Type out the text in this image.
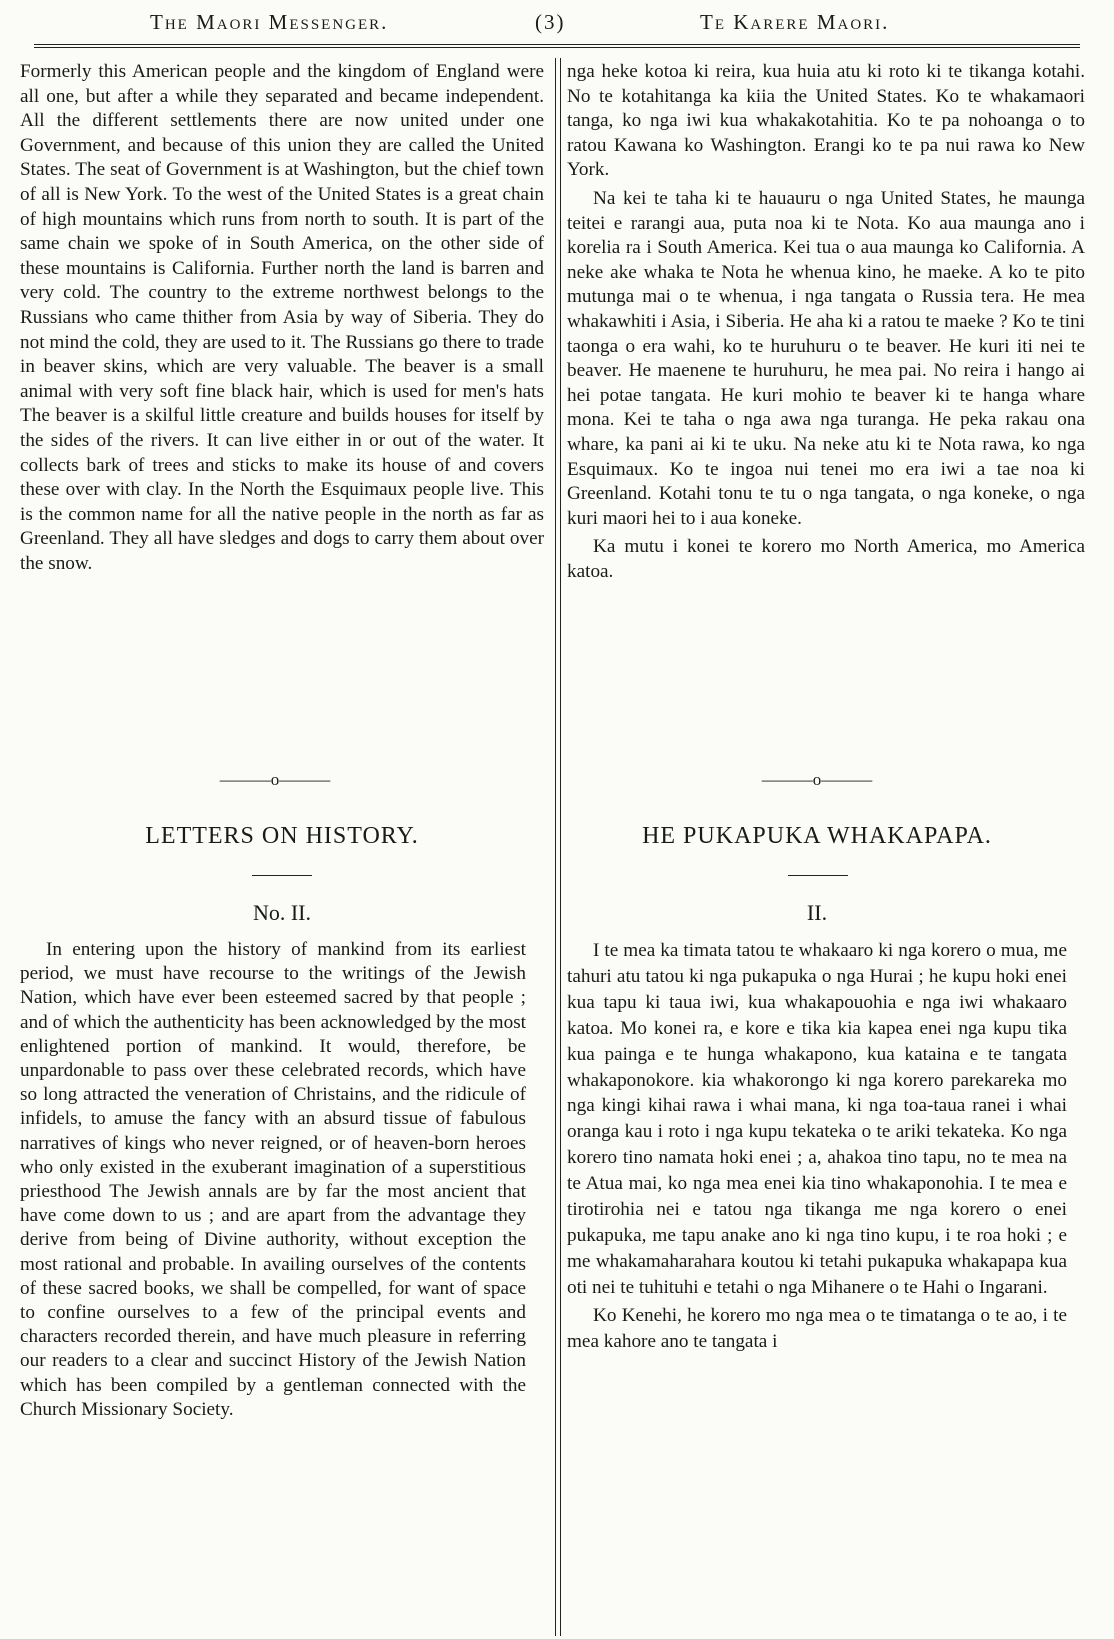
The Maori Messenger.	(3)	Te Karere Maori.

Formerly this American people and the kingdom of England were all one, but after a while they separated and became independent. All the different settlements there are now united under one Government, and because of this union they are called the United States. The seat of Government is at Washington, but the chief town of all is New York. To the west of the United States is a great chain of high mountains which runs from north to south. It is part of the same chain we spoke of in South America, on the other side of these mountains is California. Further north the land is barren and very cold. The country to the extreme northwest belongs to the Russians who came thither from Asia by way of Siberia. They do not mind the cold, they are used to it. The Russians go there to trade in beaver skins, which are very valuable. The beaver is a small animal with very soft fine black hair, which is used for men's hats The beaver is a skilful little creature and builds houses for itself by the sides of the rivers. It can live either in or out of the water. It collects bark of trees and sticks to make its house of and covers these over with clay. In the North the Esquimaux people live. This is the common name for all the native people in the north as far as Greenland. They all have sledges and dogs to carry them about over the snow.

nga heke kotoa ki reira, kua huia atu ki roto ki te tikanga kotahi. No te kotahitanga ka kiia the United States. Ko te whakamaori tanga, ko nga iwi kua whakakotahitia. Ko te pa nohoanga o to ratou Kawana ko Washington. Erangi ko te pa nui rawa ko New York.

Na kei te taha ki te hauauru o nga United States, he maunga teitei e rarangi aua, puta noa ki te Nota. Ko aua maunga ano i korelia ra i South America. Kei tua o aua maunga ko California. A neke ake whaka te Nota he whenua kino, he maeke. A ko te pito mutunga mai o te whenua, i nga tangata o Russia tera. He mea whakawhiti i Asia, i Siberia. He aha ki a ratou te maeke ? Ko te tini taonga o era wahi, ko te huruhuru o te beaver. He kuri iti nei te beaver. He maenene te huruhuru, he mea pai. No reira i hango ai hei potae tangata. He kuri mohio te beaver ki te hanga whare mona. Kei te taha o nga awa nga turanga. He peka rakau ona whare, ka pani ai ki te uku. Na neke atu ki te Nota rawa, ko nga Esquimaux. Ko te ingoa nui tenei mo era iwi a tae noa ki Greenland. Kotahi tonu te tu o nga tangata, o nga koneke, o nga kuri maori hei to i aua koneke.

Ka mutu i konei te korero mo North America, mo America katoa.

———o———	———o———
LETTERS ON HISTORY.	HE PUKAPUKA WHAKAPAPA.
No. II.	II.

In entering upon the history of mankind from its earliest period, we must have recourse to the writings of the Jewish Nation, which have ever been esteemed sacred by that people ; and of which the authenticity has been acknowledged by the most enlightened portion of mankind. It would, therefore, be unpardonable to pass over these celebrated records, which have so long attracted the veneration of Christains, and the ridicule of infidels, to amuse the fancy with an absurd tissue of fabulous narratives of kings who never reigned, or of heaven-born heroes who only existed in the exuberant imagination of a superstitious priesthood The Jewish annals are by far the most ancient that have come down to us ; and are apart from the advantage they derive from being of Divine authority, without exception the most rational and probable. In availing ourselves of the contents of these sacred books, we shall be compelled, for want of space to confine ourselves to a few of the principal events and characters recorded therein, and have much pleasure in referring our readers to a clear and succinct History of the Jewish Nation which has been compiled by a gentleman connected with the Church Missionary Society.

I te mea ka timata tatou te whakaaro ki nga korero o mua, me tahuri atu tatou ki nga pukapuka o nga Hurai ; he kupu hoki enei kua tapu ki taua iwi, kua whakapouohia e nga iwi whakaaro katoa. Mo konei ra, e kore e tika kia kapea enei nga kupu tika kua painga e te hunga whakapono, kua kataina e te tangata whakaponokore. kia whakorongo ki nga korero parekareka mo nga kingi kihai rawa i whai mana, ki nga toa-taua ranei i whai oranga kau i roto i nga kupu tekateka o te ariki tekateka. Ko nga korero tino namata hoki enei ; a, ahakoa tino tapu, no te mea na te Atua mai, ko nga mea enei kia tino whakaponohia. I te mea e tirotirohia nei e tatou nga tikanga me nga korero o enei pukapuka, me tapu anake ano ki nga tino kupu, i te roa hoki ; e me whakamaharahara koutou ki tetahi pukapuka whakapapa kua oti nei te tuhituhi e tetahi o nga Mihanere o te Hahi o Ingarani.

Ko Kenehi, he korero mo nga mea o te timatanga o te ao, i te mea kahore ano te tangata i
